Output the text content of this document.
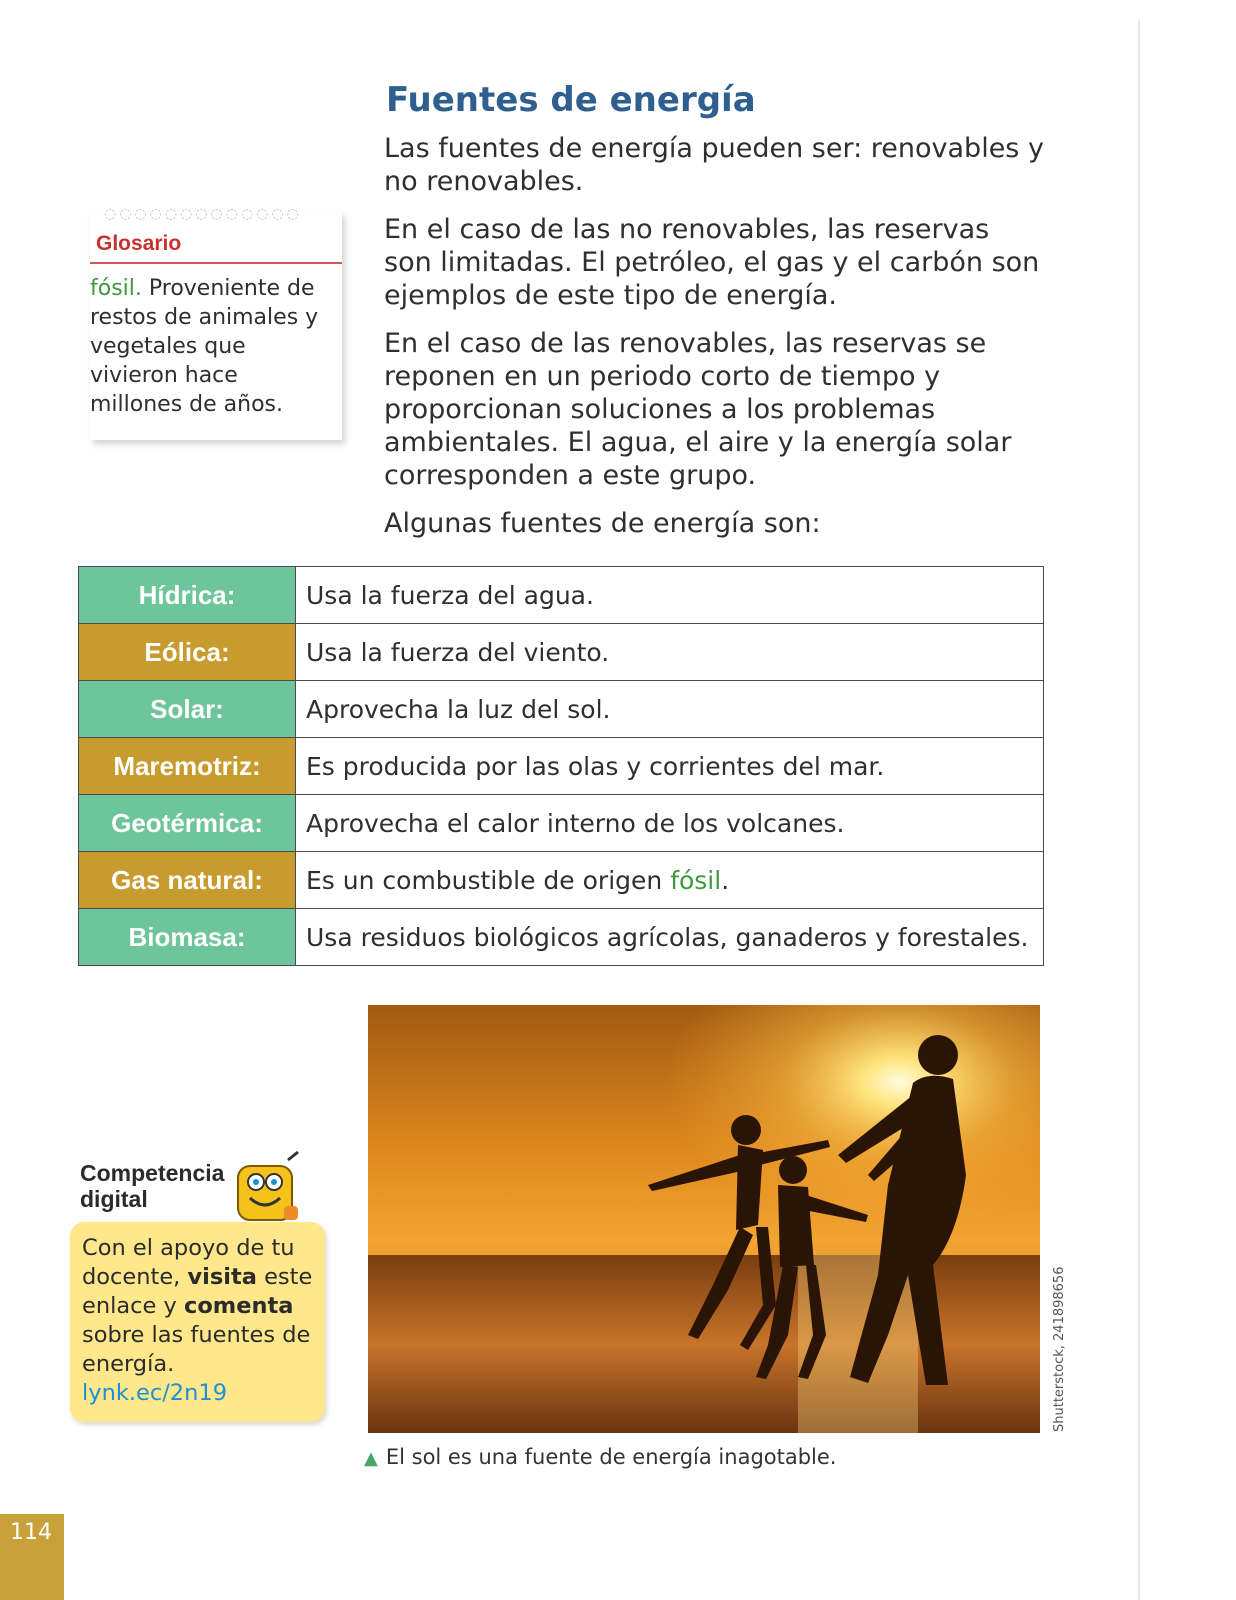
Fuentes de energía

Las fuentes de energía pueden ser: renovables y no renovables.

En el caso de las no renovables, las reservas son limitadas. El petróleo, el gas y el carbón son ejemplos de este tipo de energía.

En el caso de las renovables, las reservas se reponen en un periodo corto de tiempo y proporcionan soluciones a los problemas ambientales. El agua, el aire y la energía solar corresponden a este grupo.

Algunas fuentes de energía son:

◌◌◌◌◌◌◌◌◌◌◌◌◌
Glosario

fósil. Proveniente de restos de animales y vegetales que vivieron hace millones de años.

Hídrica:	Usa la fuerza del agua.
Eólica:	Usa la fuerza del viento.
Solar:	Aprovecha la luz del sol.
Maremotriz:	Es producida por las olas y corrientes del mar.
Geotérmica:	Aprovecha el calor interno de los volcanes.
Gas natural:	Es un combustible de origen fósil.
Biomasa:	Usa residuos biológicos agrícolas, ganaderos y forestales.
Shutterstock, 241898656

▲ El sol es una fuente de energía inagotable.

Competencia digital

Con el apoyo de tu docente, visita este enlace y comenta sobre las fuentes de energía.
lynk.ec/2n19

114
